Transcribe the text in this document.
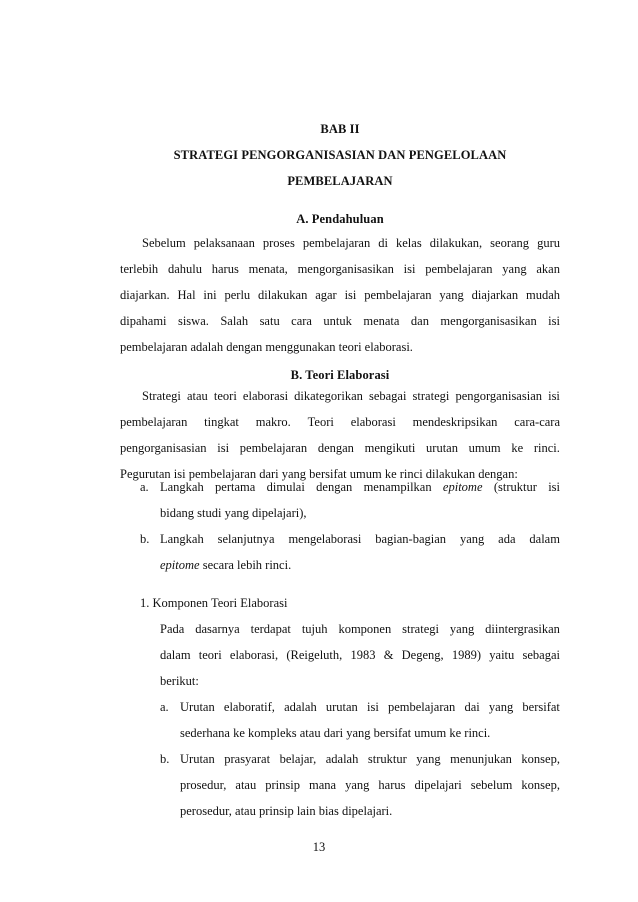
BAB II
STRATEGI PENGORGANISASIAN DAN PENGELOLAAN
PEMBELAJARAN
A. Pendahuluan
Sebelum pelaksanaan proses pembelajaran di kelas dilakukan, seorang guru
terlebih dahulu harus menata, mengorganisasikan isi pembelajaran yang akan
diajarkan. Hal ini perlu dilakukan agar isi pembelajaran yang diajarkan mudah
dipahami siswa. Salah satu cara untuk menata dan mengorganisasikan isi
pembelajaran adalah dengan menggunakan teori elaborasi.
B. Teori Elaborasi
Strategi atau teori elaborasi dikategorikan sebagai strategi pengorganisasian isi
pembelajaran tingkat makro. Teori elaborasi mendeskripsikan cara-cara
pengorganisasian isi pembelajaran dengan mengikuti urutan umum ke rinci.
Pegurutan isi pembelajaran dari yang bersifat umum ke rinci dilakukan dengan:
a. Langkah pertama dimulai dengan menampilkan epitome (struktur isi
bidang studi yang dipelajari),
b. Langkah selanjutnya mengelaborasi bagian-bagian yang ada dalam
epitome secara lebih rinci.
1. Komponen Teori Elaborasi
Pada dasarnya terdapat tujuh komponen strategi yang diintergrasikan
dalam teori elaborasi, (Reigeluth, 1983 & Degeng, 1989) yaitu sebagai
berikut:
a. Urutan elaboratif, adalah urutan isi pembelajaran dai yang bersifat
sederhana ke kompleks atau dari yang bersifat umum ke rinci.
b. Urutan prasyarat belajar, adalah struktur yang menunjukan konsep,
prosedur, atau prinsip mana yang harus dipelajari sebelum konsep,
perosedur, atau prinsip lain bias dipelajari.
13
